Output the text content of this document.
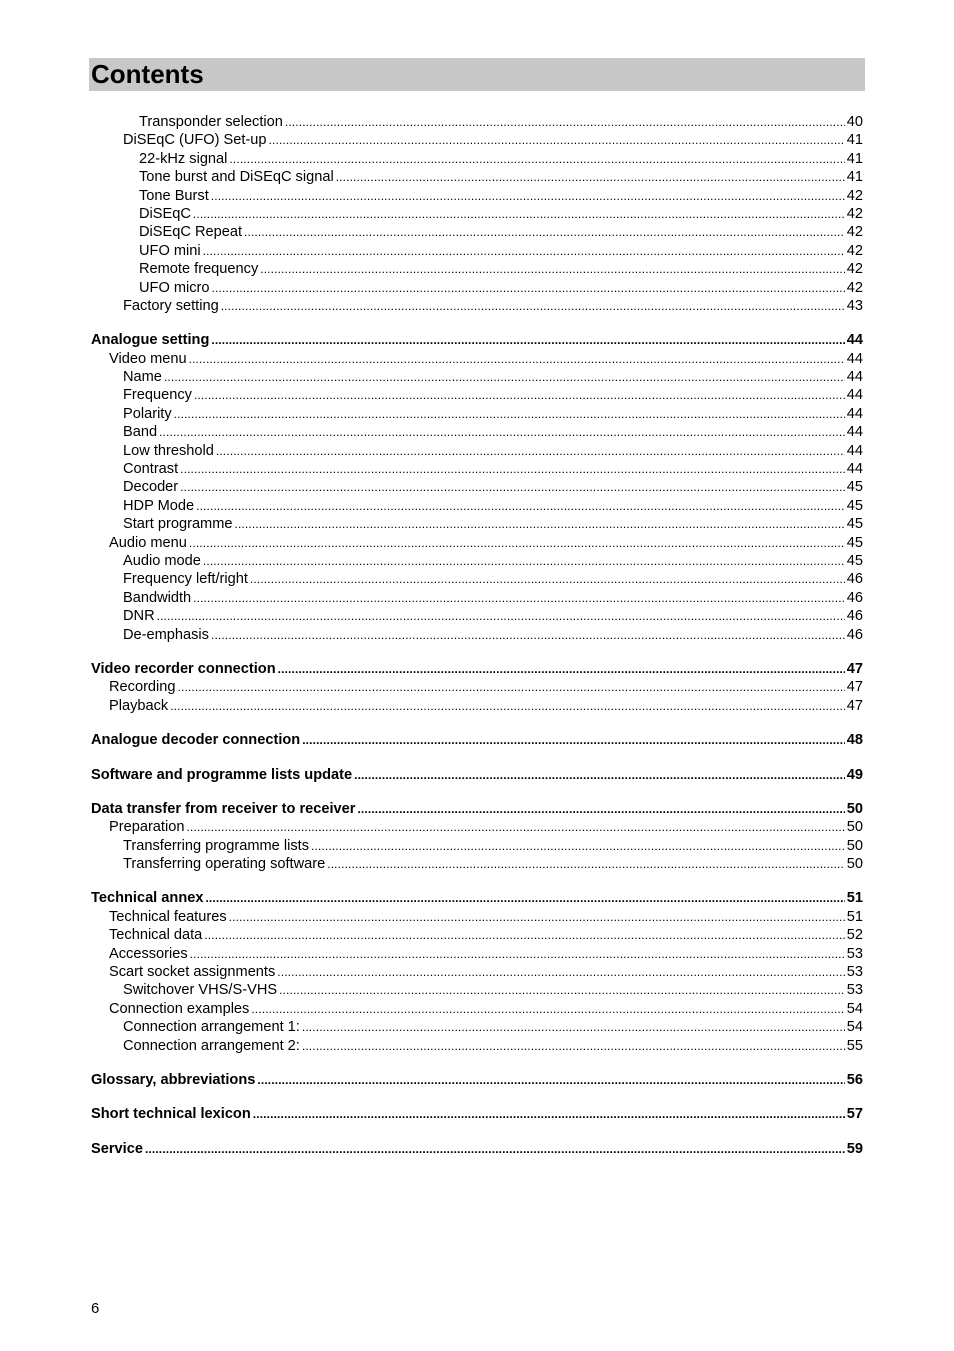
Contents
Transponder selection . . .	40
DiSEqC (UFO) Set-up . . .	41
22-kHz signal . . .	41
Tone burst and DiSEqC signal . . .	41
Tone Burst . . .	42
DiSEqC . . .	42
DiSEqC Repeat . . .	42
UFO mini . . .	42
Remote frequency . . .	42
UFO micro . . .	42
Factory setting . . .	43
Analogue setting . . .	44
Video menu . . .	44
Name . . .	44
Frequency . . .	44
Polarity . . .	44
Band . . .	44
Low threshold . . .	44
Contrast . . .	44
Decoder . . .	45
HDP Mode . . .	45
Start programme . . .	45
Audio menu . . .	45
Audio mode . . .	45
Frequency left/right . . .	46
Bandwidth . . .	46
DNR . . .	46
De-emphasis . . .	46
Video recorder connection . . .	47
Recording . . .	47
Playback . . .	47
Analogue decoder connection . . .	48
Software and programme lists update . . .	49
Data transfer from receiver to receiver . . .	50
Preparation . . .	50
Transferring programme lists . . .	50
Transferring operating software . . .	50
Technical annex . . .	51
Technical features . . .	51
Technical data . . .	52
Accessories . . .	53
Scart socket assignments . . .	53
Switchover VHS/S-VHS . . .	53
Connection examples . . .	54
Connection arrangement 1: . . .	54
Connection arrangement 2: . . .	55
Glossary, abbreviations . . .	56
Short technical lexicon . . .	57
Service . . .	59
6
